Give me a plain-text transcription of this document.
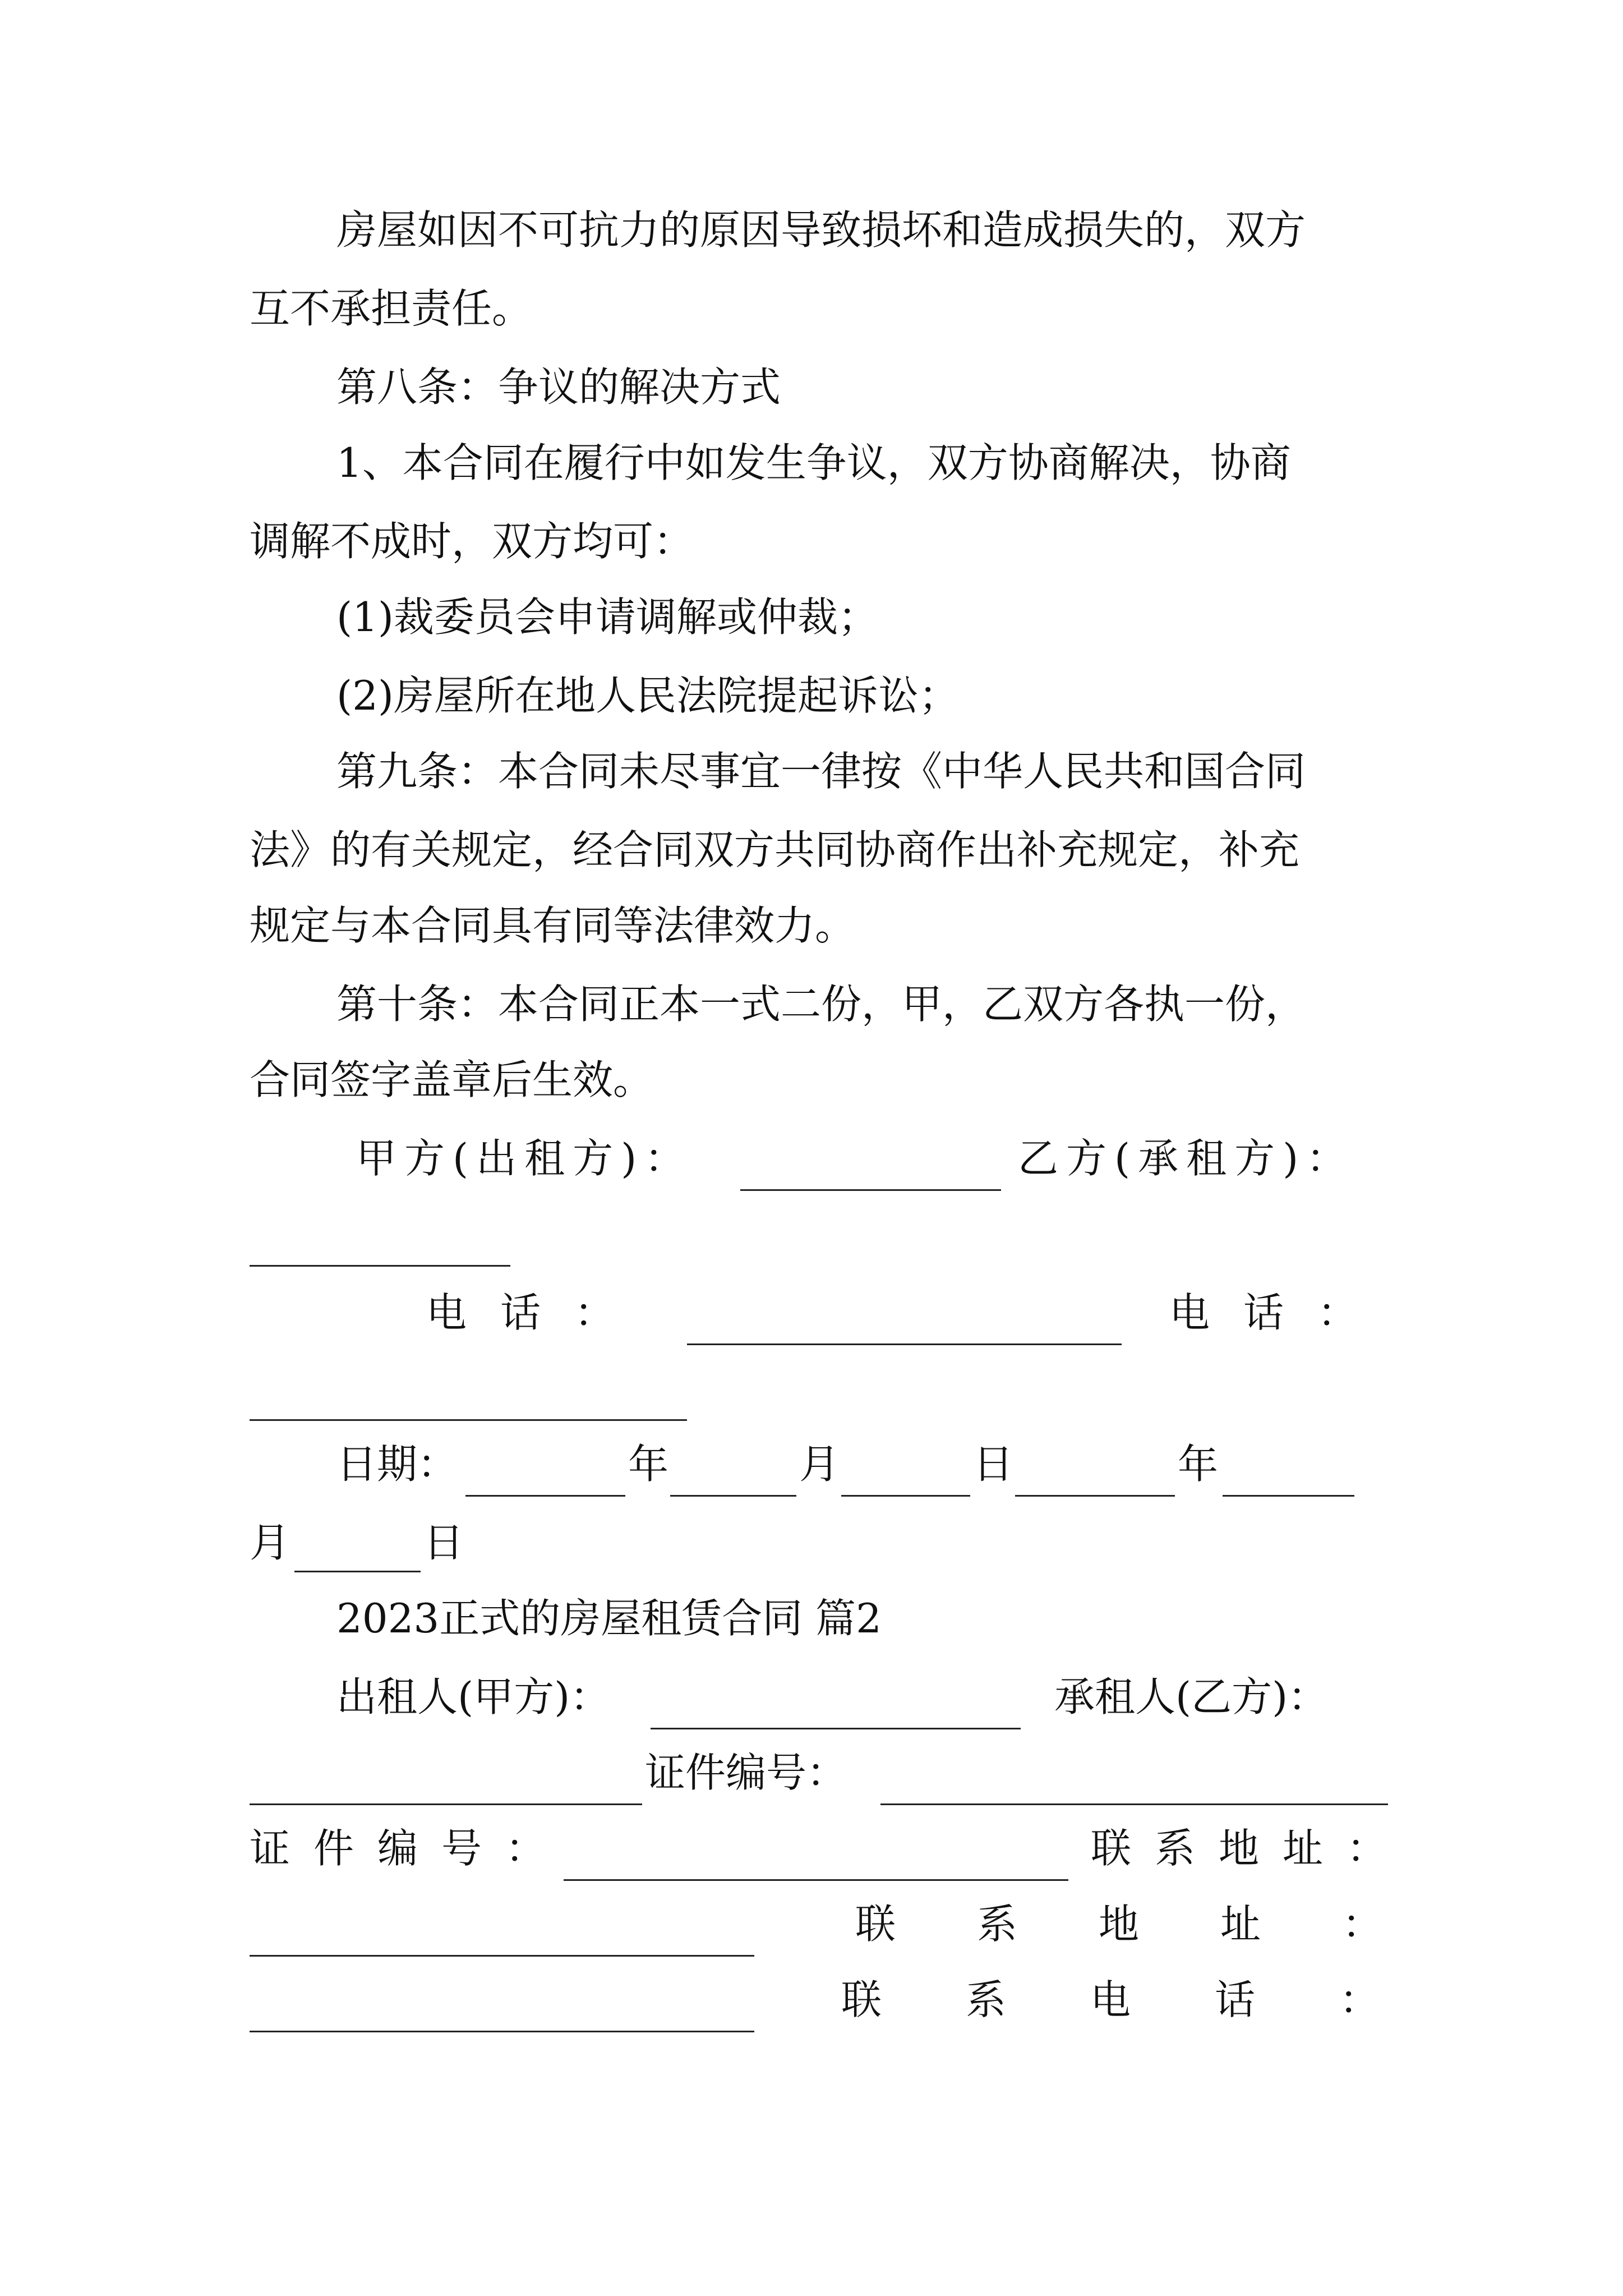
房屋如因不可抗力的原因导致损坏和造成损失的，双方
互不承担责任。
第八条：争议的解决方式
1、本合同在履行中如发生争议，双方协商解决，协商
调解不成时，双方均可：
(1)裁委员会申请调解或仲裁；
(2)房屋所在地人民法院提起诉讼；
第九条：本合同未尽事宜一律按《中华人民共和国合同
法》的有关规定，经合同双方共同协商作出补充规定，补充
规定与本合同具有同等法律效力。
第十条：本合同正本一式二份，甲，乙双方各执一份，
合同签字盖章后生效。
甲方(出租方)：	乙方(承租方)：
电话：	电话：
日期：	年	月	日	年
月	日
2023正式的房屋租赁合同 篇2
出租人(甲方)：	承租人(乙方)：
证件编号：
证件编号：	联系地址：
联系地址：
联系电话：
